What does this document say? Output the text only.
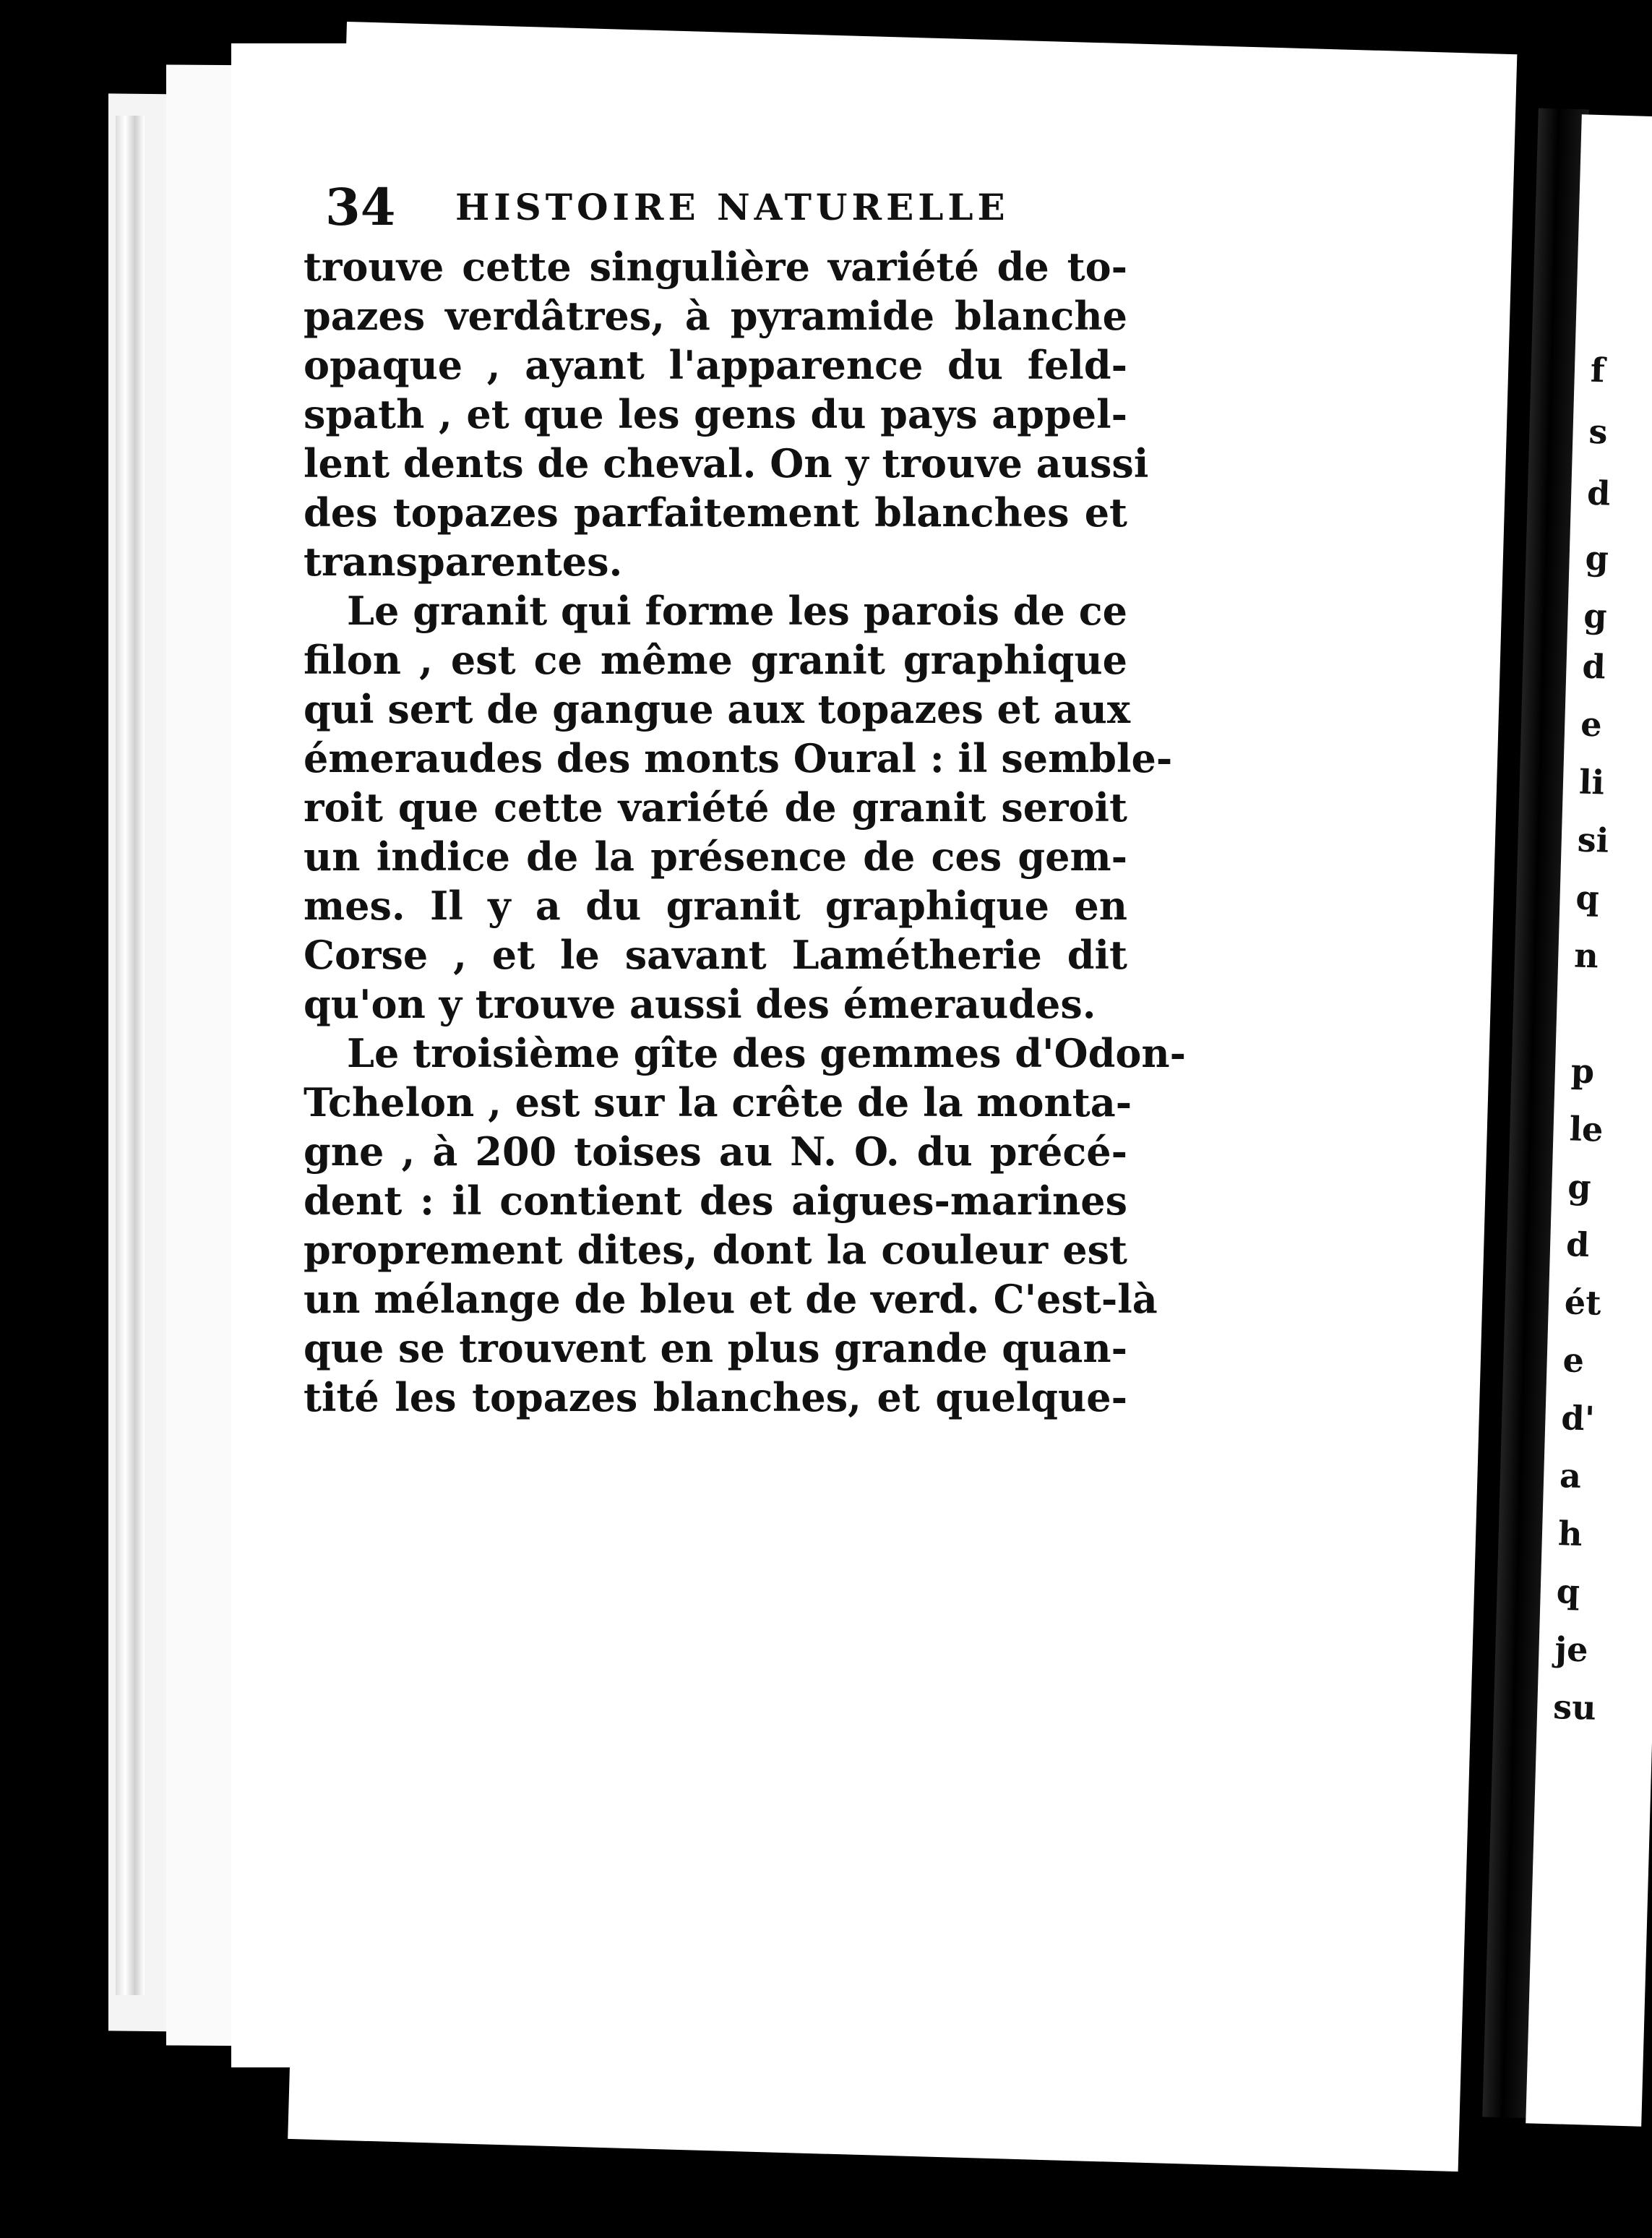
f
s
d
g
g
d
e
li
si
q
n
p
le
g
d
ét
e
d'
a
h
q
je
su
34 HISTOIRE NATURELLE
trouve cette singulière variété de to-
pazes verdâtres, à pyramide blanche
opaque , ayant l'apparence du feld-
spath , et que les gens du pays appel-
lent dents de cheval. On y trouve aussi
des topazes parfaitement blanches et
transparentes.
Le granit qui forme les parois de ce
filon , est ce même granit graphique
qui sert de gangue aux topazes et aux
émeraudes des monts Oural : il semble-
roit que cette variété de granit seroit
un indice de la présence de ces gem-
mes. Il y a du granit graphique en
Corse , et le savant Lamétherie dit
qu'on y trouve aussi des émeraudes.
Le troisième gîte des gemmes d'Odon-
Tchelon , est sur la crête de la monta-
gne , à 200 toises au N. O. du précé-
dent : il contient des aigues-marines
proprement dites, dont la couleur est
un mélange de bleu et de verd. C'est-là
que se trouvent en plus grande quan-
tité les topazes blanches, et quelque-
